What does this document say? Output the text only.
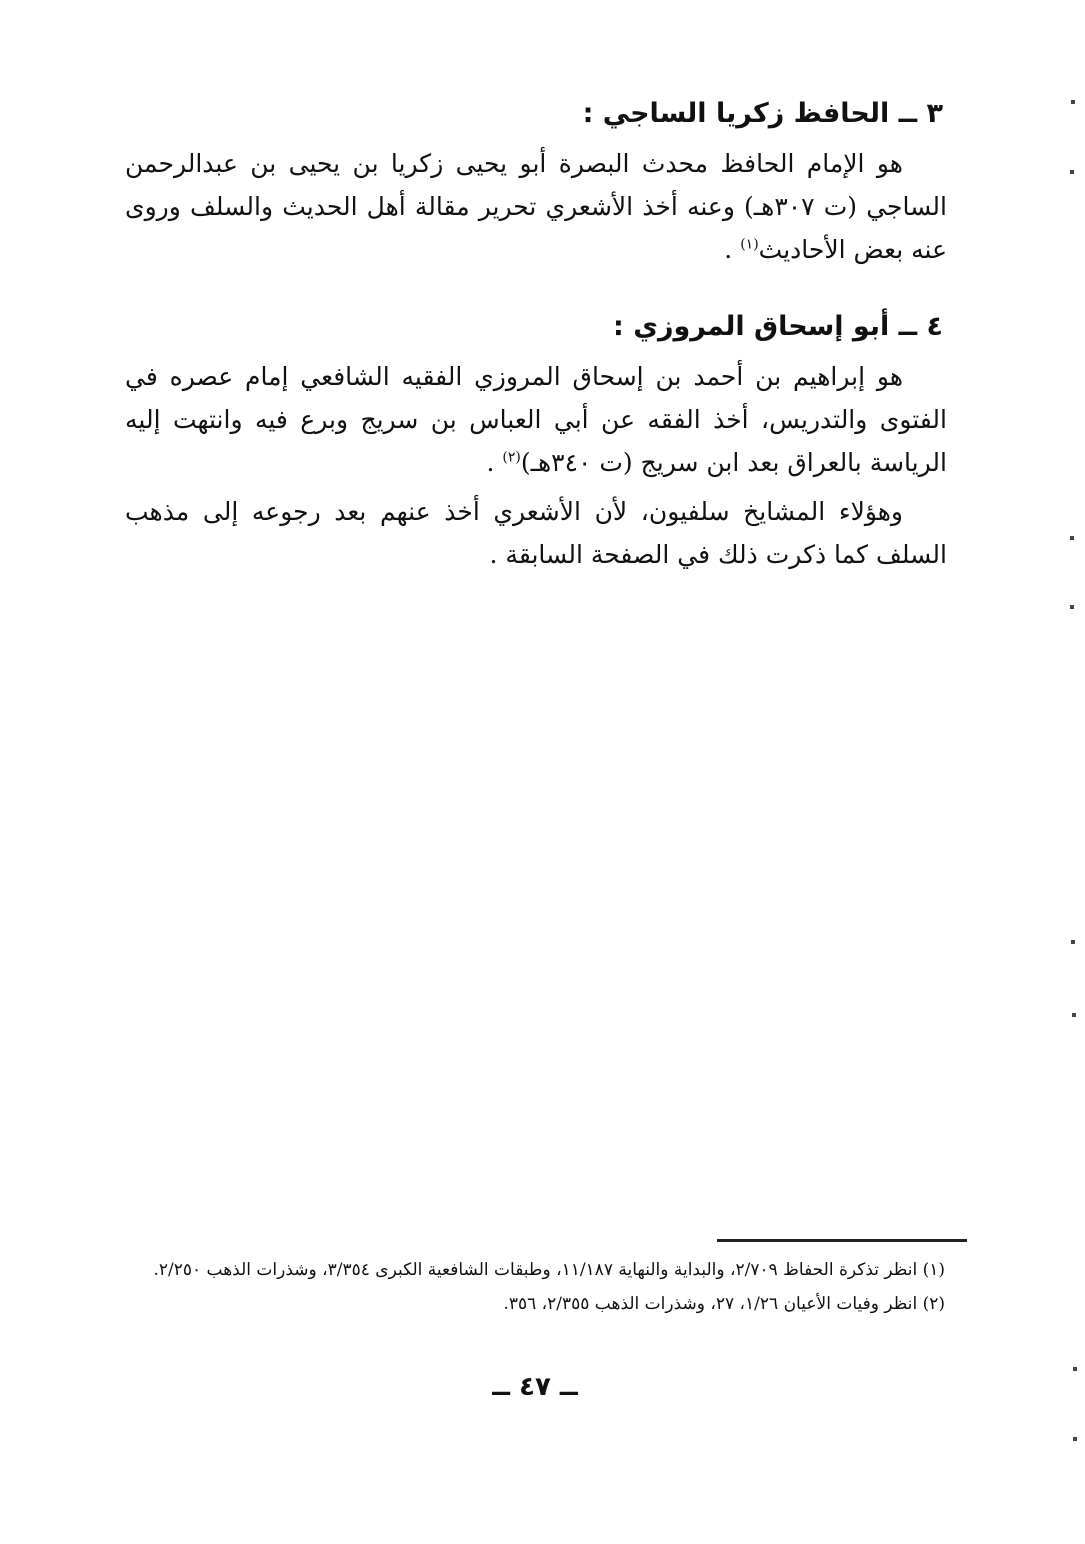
٣ ــ الحافظ زكريا الساجي :

هو الإمام الحافظ محدث البصرة أبو يحيى زكريا بن يحيى بن عبدالرحمن الساجي (ت ٣٠٧هـ) وعنه أخذ الأشعري تحرير مقالة أهل الحديث والسلف وروى عنه بعض الأحاديث$^{(١)}$ .

٤ ــ أبو إسحاق المروزي :

هو إبراهيم بن أحمد بن إسحاق المروزي الفقيه الشافعي إمام عصره في الفتوى والتدريس، أخذ الفقه عن أبي العباس بن سريج وبرع فيه وانتهت إليه الرياسة بالعراق بعد ابن سريج (ت ٣٤٠هـ)$^{(٢)}$ .

وهؤلاء المشايخ سلفيون، لأن الأشعري أخذ عنهم بعد رجوعه إلى مذهب السلف كما ذكرت ذلك في الصفحة السابقة .

(١) انظر تذكرة الحفاظ ٢/٧٠٩، والبداية والنهاية ١١/١٨٧، وطبقات الشافعية الكبرى ٣/٣٥٤، وشذرات الذهب ٢/٢٥٠.

(٢) انظر وفيات الأعيان ١/٢٦، ٢٧، وشذرات الذهب ٢/٣٥٥، ٣٥٦.

ــ ٤٧ ــ
